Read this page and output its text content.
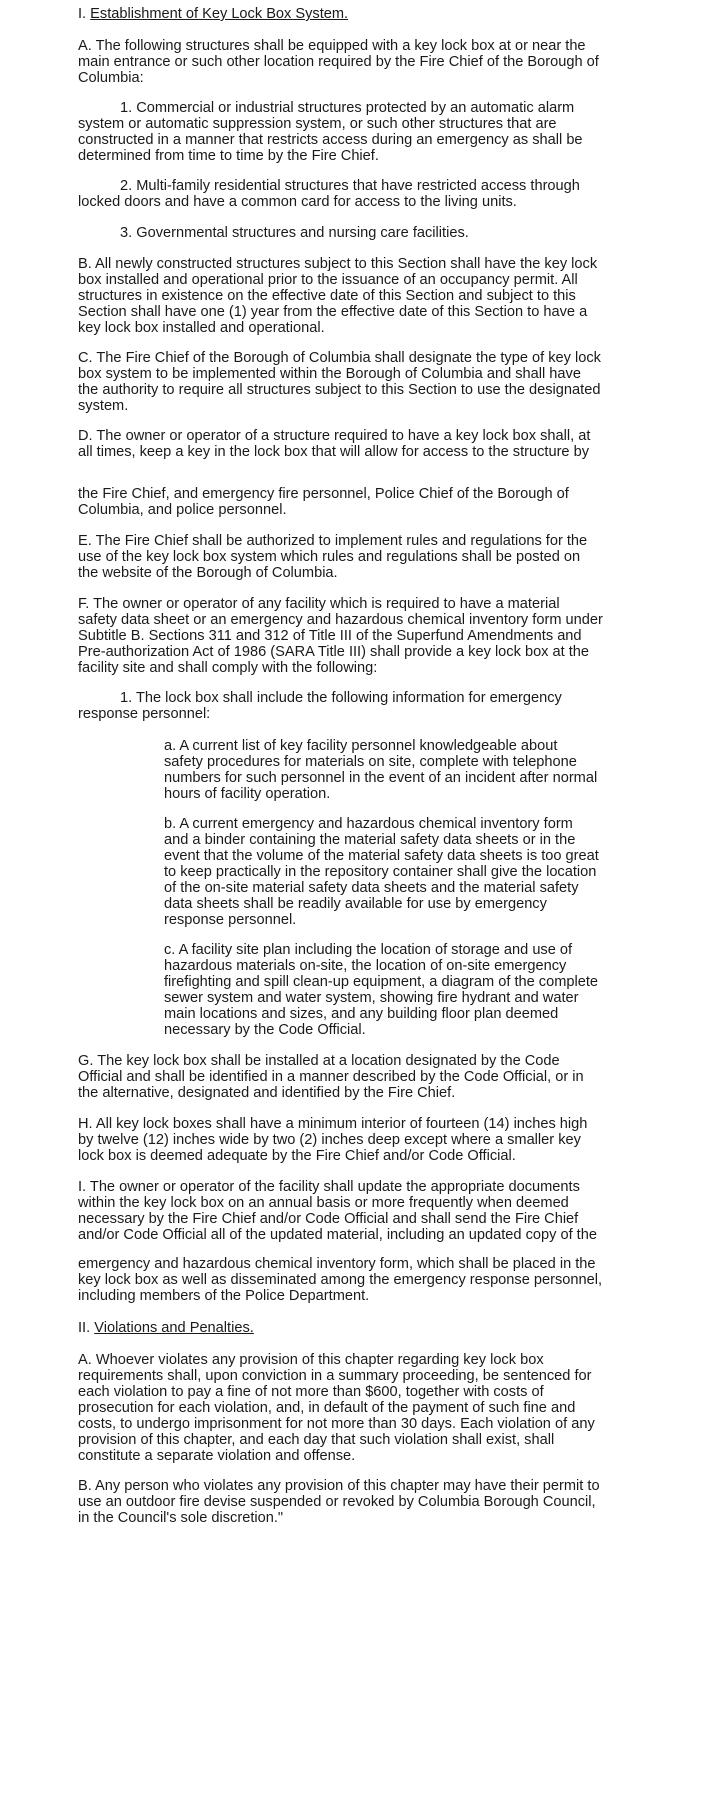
I. Establishment of Key Lock Box System.
A. The following structures shall be equipped with a key lock box at or near the
main entrance or such other location required by the Fire Chief of the Borough of
Columbia:
1. Commercial or industrial structures protected by an automatic alarm
system or automatic suppression system, or such other structures that are
constructed in a manner that restricts access during an emergency as shall be
determined from time to time by the Fire Chief.
2. Multi-family residential structures that have restricted access through
locked doors and have a common card for access to the living units.
3. Governmental structures and nursing care facilities.
B. All newly constructed structures subject to this Section shall have the key lock
box installed and operational prior to the issuance of an occupancy permit. All
structures in existence on the effective date of this Section and subject to this
Section shall have one (1) year from the effective date of this Section to have a
key lock box installed and operational.
C. The Fire Chief of the Borough of Columbia shall designate the type of key lock
box system to be implemented within the Borough of Columbia and shall have
the authority to require all structures subject to this Section to use the designated
system.
D. The owner or operator of a structure required to have a key lock box shall, at
all times, keep a key in the lock box that will allow for access to the structure by
the Fire Chief, and emergency fire personnel, Police Chief of the Borough of
Columbia, and police personnel.
E. The Fire Chief shall be authorized to implement rules and regulations for the
use of the key lock box system which rules and regulations shall be posted on
the website of the Borough of Columbia.
F. The owner or operator of any facility which is required to have a material
safety data sheet or an emergency and hazardous chemical inventory form under
Subtitle B. Sections 311 and 312 of Title III of the Superfund Amendments and
Pre-authorization Act of 1986 (SARA Title III) shall provide a key lock box at the
facility site and shall comply with the following:
1. The lock box shall include the following information for emergency
response personnel:
a. A current list of key facility personnel knowledgeable about
safety procedures for materials on site, complete with telephone
numbers for such personnel in the event of an incident after normal
hours of facility operation.
b. A current emergency and hazardous chemical inventory form
and a binder containing the material safety data sheets or in the
event that the volume of the material safety data sheets is too great
to keep practically in the repository container shall give the location
of the on-site material safety data sheets and the material safety
data sheets shall be readily available for use by emergency
response personnel.
c. A facility site plan including the location of storage and use of
hazardous materials on-site, the location of on-site emergency
firefighting and spill clean-up equipment, a diagram of the complete
sewer system and water system, showing fire hydrant and water
main locations and sizes, and any building floor plan deemed
necessary by the Code Official.
G. The key lock box shall be installed at a location designated by the Code
Official and shall be identified in a manner described by the Code Official, or in
the alternative, designated and identified by the Fire Chief.
H. All key lock boxes shall have a minimum interior of fourteen (14) inches high
by twelve (12) inches wide by two (2) inches deep except where a smaller key
lock box is deemed adequate by the Fire Chief and/or Code Official.
I. The owner or operator of the facility shall update the appropriate documents
within the key lock box on an annual basis or more frequently when deemed
necessary by the Fire Chief and/or Code Official and shall send the Fire Chief
and/or Code Official all of the updated material, including an updated copy of the
emergency and hazardous chemical inventory form, which shall be placed in the
key lock box as well as disseminated among the emergency response personnel,
including members of the Police Department.
II. Violations and Penalties.
A. Whoever violates any provision of this chapter regarding key lock box
requirements shall, upon conviction in a summary proceeding, be sentenced for
each violation to pay a fine of not more than $600, together with costs of
prosecution for each violation, and, in default of the payment of such fine and
costs, to undergo imprisonment for not more than 30 days. Each violation of any
provision of this chapter, and each day that such violation shall exist, shall
constitute a separate violation and offense.
B. Any person who violates any provision of this chapter may have their permit to
use an outdoor fire devise suspended or revoked by Columbia Borough Council,
in the Council's sole discretion."
